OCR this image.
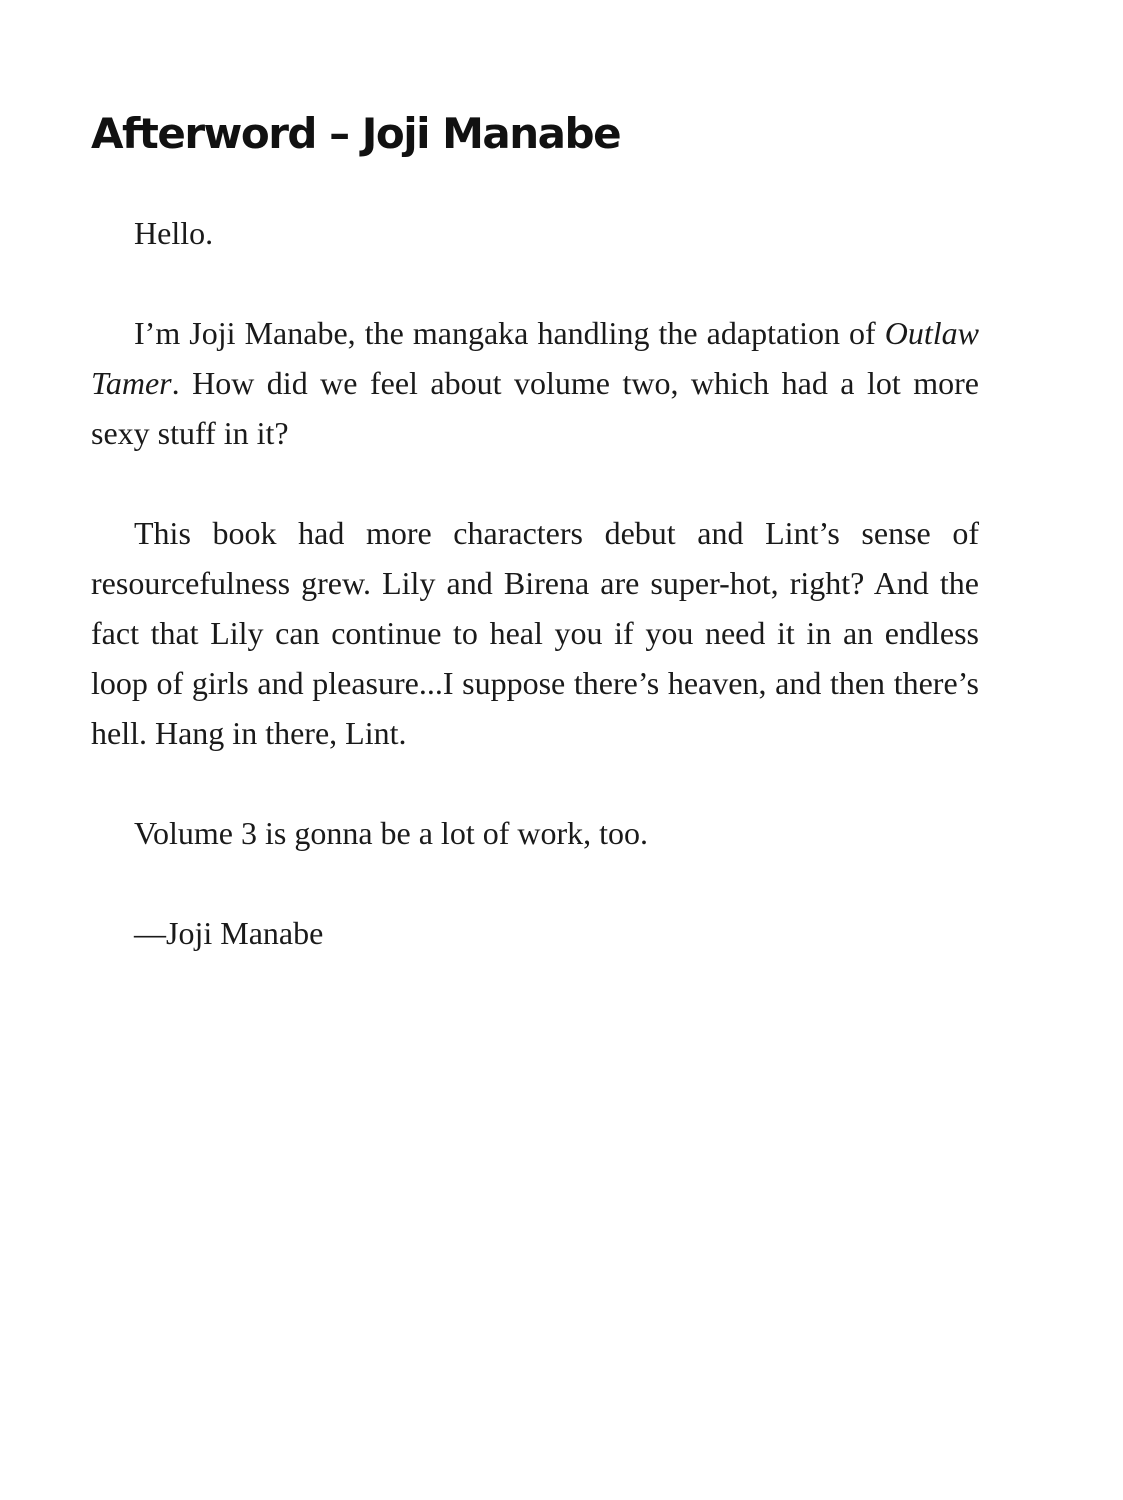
Afterword – Joji Manabe

Hello.

I’m Joji Manabe, the mangaka handling the adaptation of Outlaw Tamer. How did we feel about volume two, which had a lot more sexy stuff in it?

This book had more characters debut and Lint’s sense of resourcefulness grew. Lily and Birena are super-hot, right? And the fact that Lily can continue to heal you if you need it in an endless loop of girls and pleasure...I suppose there’s heaven, and then there’s hell. Hang in there, Lint.

Volume 3 is gonna be a lot of work, too.

—Joji Manabe
